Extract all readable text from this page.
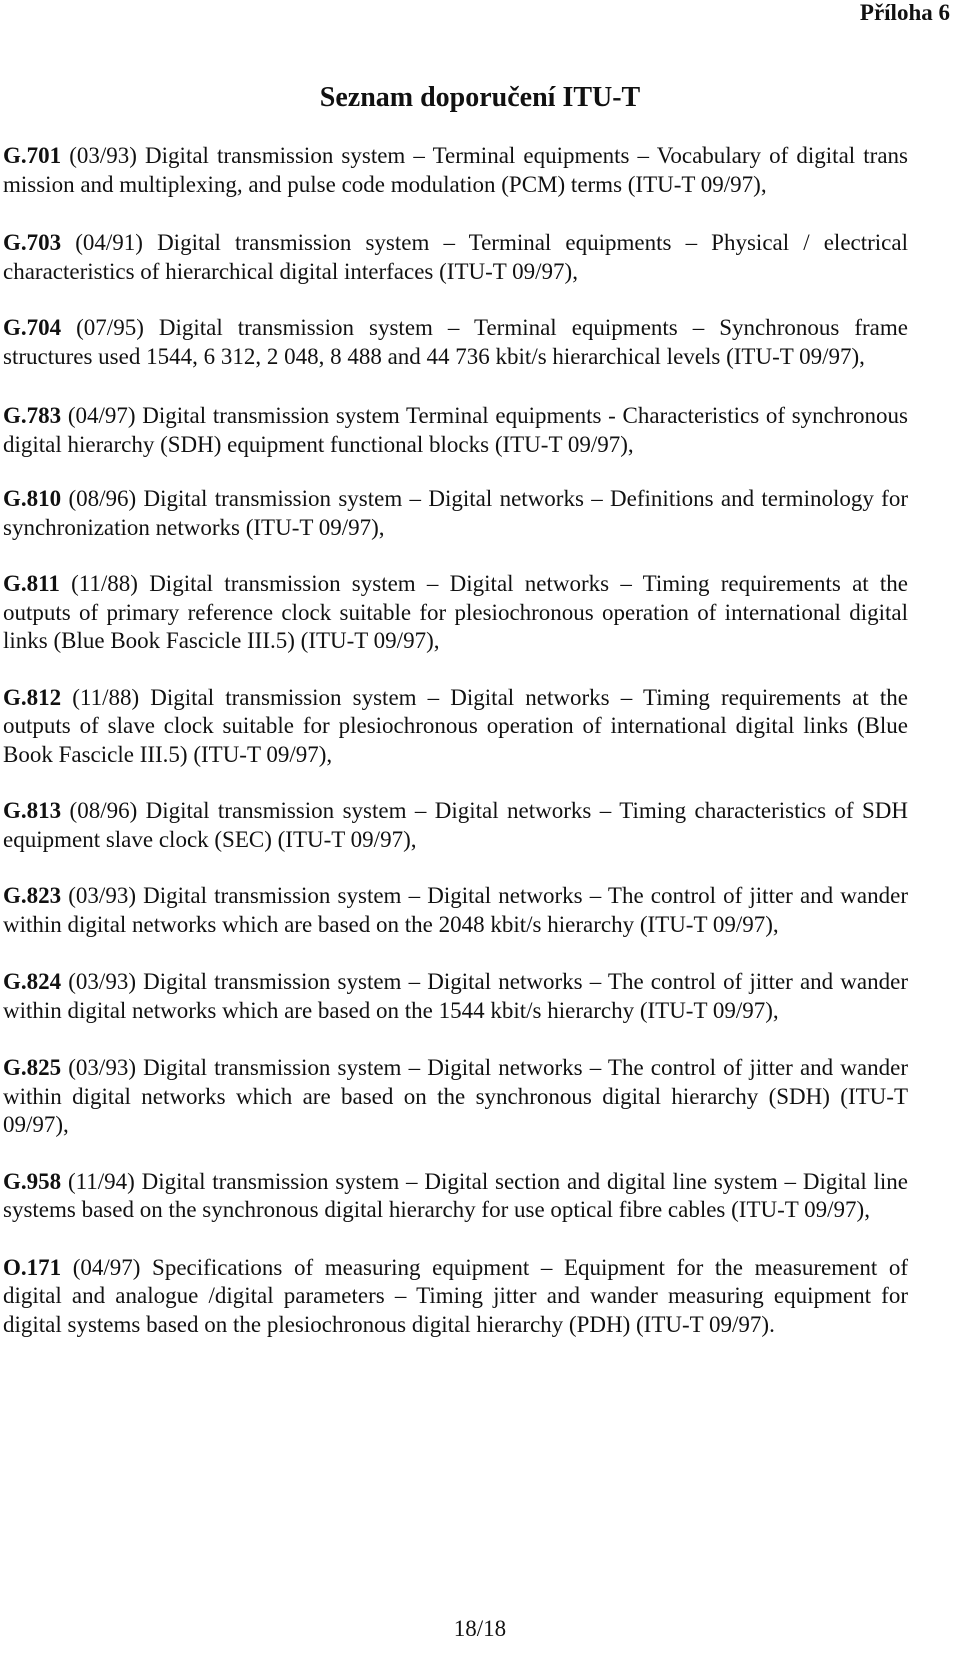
Příloha 6
Seznam doporučení ITU-T

G.701 (03/93) Digital transmission system – Terminal equipments – Vocabulary of digital trans mission and multiplexing, and pulse code modulation (PCM) terms (ITU-T 09/97),

G.703 (04/91) Digital transmission system – Terminal equipments – Physical / electrical characteristics of hierarchical digital interfaces (ITU-T 09/97),

G.704 (07/95) Digital transmission system – Terminal equipments – Synchronous frame structures used 1544, 6 312, 2 048, 8 488 and 44 736 kbit/s hierarchical levels (ITU-T 09/97),

G.783 (04/97) Digital transmission system Terminal equipments - Characteristics of synchronous digital hierarchy (SDH) equipment functional blocks (ITU-T 09/97),

G.810 (08/96) Digital transmission system – Digital networks – Definitions and terminology for synchronization networks (ITU-T 09/97),

G.811 (11/88) Digital transmission system – Digital networks – Timing requirements at the outputs of primary reference clock suitable for plesiochronous operation of international digital links (Blue Book Fascicle III.5) (ITU-T 09/97),

G.812 (11/88) Digital transmission system – Digital networks – Timing requirements at the outputs of slave clock suitable for plesiochronous operation of international digital links (Blue Book Fascicle III.5) (ITU-T 09/97),

G.813 (08/96) Digital transmission system – Digital networks – Timing characteristics of SDH equipment slave clock (SEC) (ITU-T 09/97),

G.823 (03/93) Digital transmission system – Digital networks – The control of jitter and wander within digital networks which are based on the 2048 kbit/s hierarchy (ITU-T 09/97),

G.824 (03/93) Digital transmission system – Digital networks – The control of jitter and wander within digital networks which are based on the 1544 kbit/s hierarchy (ITU-T 09/97),

G.825 (03/93) Digital transmission system – Digital networks – The control of jitter and wander within digital networks which are based on the synchronous digital hierarchy (SDH) (ITU-T 09/97),

G.958 (11/94) Digital transmission system – Digital section and digital line system – Digital line systems based on the synchronous digital hierarchy for use optical fibre cables (ITU-T 09/97),

O.171 (04/97) Specifications of measuring equipment – Equipment for the measurement of digital and analogue /digital parameters – Timing jitter and wander measuring equipment for digital systems based on the plesiochronous digital hierarchy (PDH) (ITU-T 09/97).

18/18
